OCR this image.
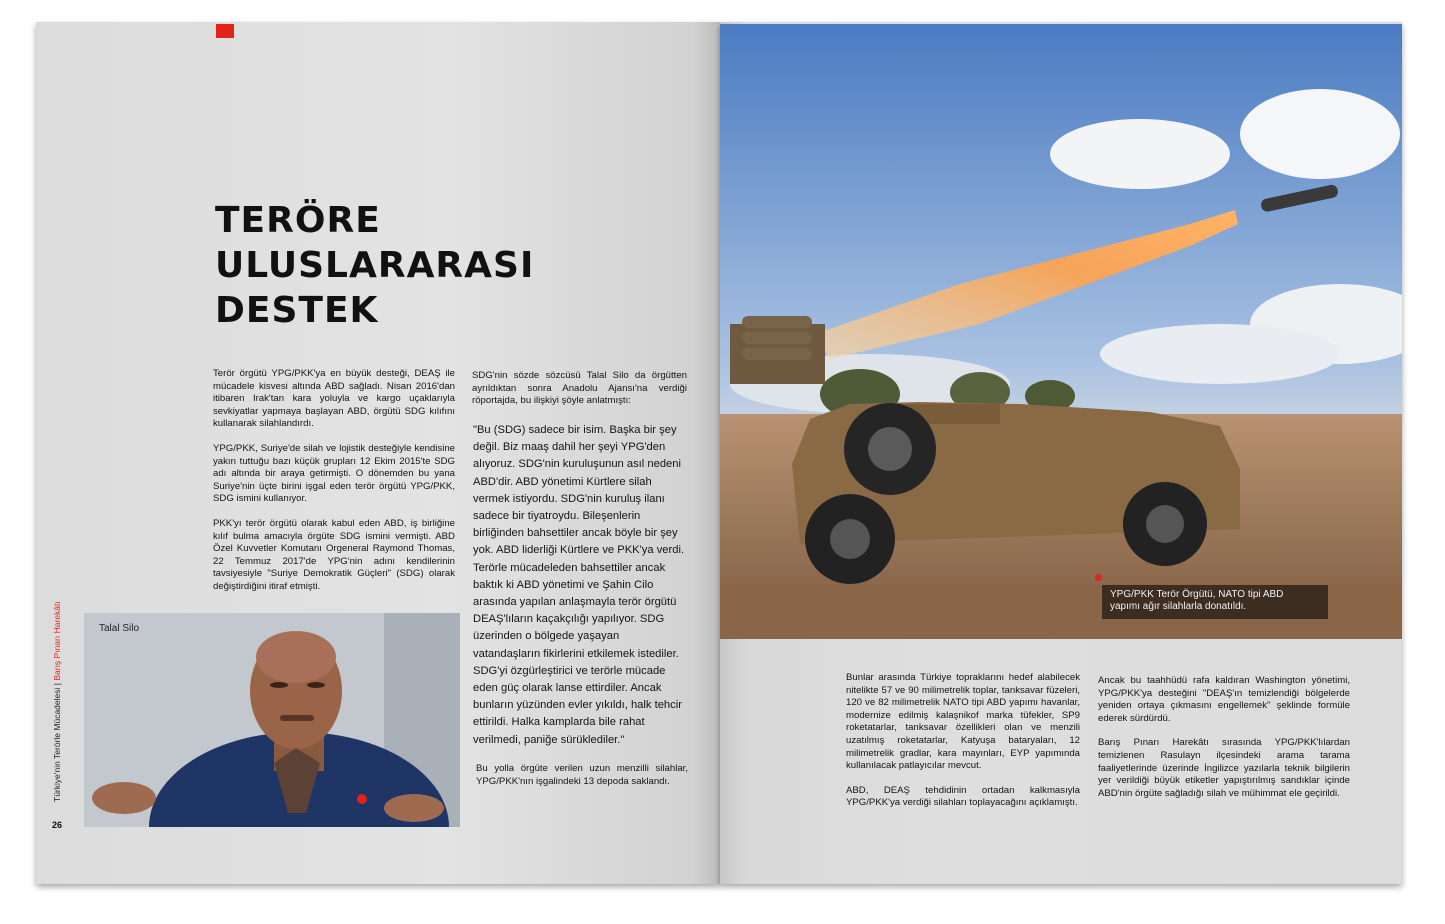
TERÖRE
ULUSLARARASI
DESTEK

Terör örgütü YPG/PKK'ya en büyük desteği, DEAŞ ile mücadele kisvesi altında ABD sağladı. Nisan 2016'dan itibaren Irak'tan kara yoluyla ve kargo uçaklarıyla sevkiyatlar yapmaya başlayan ABD, örgütü SDG kılıfını kullanarak silahlandırdı.

YPG/PKK, Suriye'de silah ve lojistik desteğiyle kendisine yakın tuttuğu bazı küçük grupları 12 Ekim 2015'te SDG adı altında bir araya getirmişti. O dönemden bu yana Suriye'nin üçte birini işgal eden terör örgütü YPG/PKK, SDG ismini kullanıyor.

PKK'yı terör örgütü olarak kabul eden ABD, iş birliğine kılıf bulma amacıyla örgüte SDG ismini vermişti. ABD Özel Kuvvetler Komutanı Orgeneral Raymond Thomas, 22 Temmuz 2017'de YPG'nin adını kendilerinin tavsiyesiyle "Suriye Demokratik Güçleri" (SDG) olarak değiştirdiğini itiraf etmişti.

SDG'nin sözde sözcüsü Talal Silo da örgütten ayrıldıktan sonra Anadolu Ajansı'na verdiği röportajda, bu ilişkiyi şöyle anlatmıştı:

"Bu (SDG) sadece bir isim. Başka bir şey değil. Biz maaş dahil her şeyi YPG'den alıyoruz. SDG'nin kuruluşunun asıl nedeni ABD'dir. ABD yönetimi Kürtlere silah vermek istiyordu. SDG'nin kuruluş ilanı sadece bir tiyatroydu. Bileşenlerin birliğinden bahsettiler ancak böyle bir şey yok. ABD liderliği Kürtlere ve PKK'ya verdi. Terörle mücadeleden bahsettiler ancak baktık ki ABD yönetimi ve Şahin Cilo arasında yapılan anlaşmayla terör örgütü DEAŞ'lıların kaçakçılığı yapılıyor. SDG üzerinden o bölgede yaşayan vatandaşların fikirlerini etkilemek istediler. SDG'yi özgürleştirici ve terörle mücade eden güç olarak lanse ettirdiler. Ancak bunların yüzünden evler yıkıldı, halk tehcir ettirildi. Halka kamplarda bile rahat verilmedi, paniğe sürüklediler."

Bu yolla örgüte verilen uzun menzilli silahlar, YPG/PKK'nın işgalindeki 13 depoda saklandı.

Talal Silo
Türkiye'nin Terörle Mücadelesi | Barış Pınarı Harekâtı
26
YPG/PKK Terör Örgütü, NATO tipi ABD
yapımı ağır silahlarla donatıldı.

Bunlar arasında Türkiye topraklarını hedef alabilecek nitelikte 57 ve 90 milimetrelik toplar, tanksavar füzeleri, 120 ve 82 milimetrelik NATO tipi ABD yapımı havanlar, modernize edilmiş kalaşnikof marka tüfekler, SP9 roketatarlar, tanksavar özellikleri olan ve menzili uzatılmış roketatarlar, Katyuşa bataryaları, 12 milimetrelik gradlar, kara mayınları, EYP yapımında kullanılacak patlayıcılar mevcut.

ABD, DEAŞ tehdidinin ortadan kalkmasıyla YPG/PKK'ya verdiği silahları toplayacağını açıklamıştı.

Ancak bu taahhüdü rafa kaldıran Washington yönetimi, YPG/PKK'ya desteğini "DEAŞ'ın temizlendiği bölgelerde yeniden ortaya çıkmasını engellemek" şeklinde formüle ederek sürdürdü.

Barış Pınarı Harekâtı sırasında YPG/PKK'lılardan temizlenen Rasulayn ilçesindeki arama tarama faaliyetlerinde üzerinde İngilizce yazılarla teknik bilgilerin yer verildiği büyük etiketler yapıştırılmış sandıklar içinde ABD'nin örgüte sağladığı silah ve mühimmat ele geçirildi.
